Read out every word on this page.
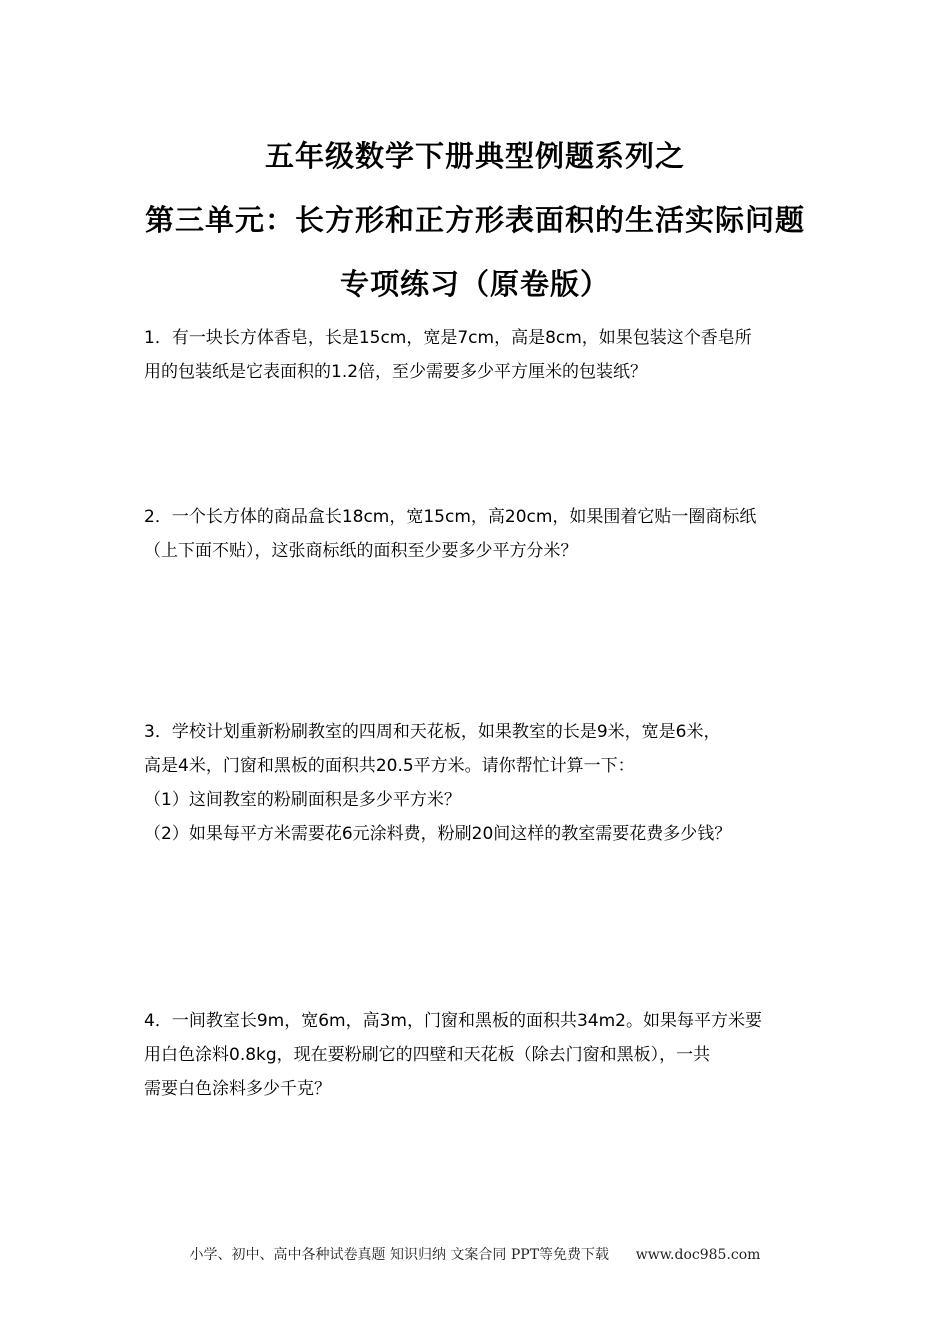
五年级数学下册典型例题系列之
第三单元：长方形和正方形表面积的生活实际问题
专项练习（原卷版）
1．有一块长方体香皂，长是15cm，宽是7cm，高是8cm，如果包装这个香皂所
用的包装纸是它表面积的1.2倍，至少需要多少平方厘米的包装纸？
2．一个长方体的商品盒长18cm，宽15cm，高20cm，如果围着它贴一圈商标纸
（上下面不贴），这张商标纸的面积至少要多少平方分米？
3．学校计划重新粉刷教室的四周和天花板，如果教室的长是9米，宽是6米，
高是4米，门窗和黑板的面积共20.5平方米。请你帮忙计算一下：
（1）这间教室的粉刷面积是多少平方米？
（2）如果每平方米需要花6元涂料费，粉刷20间这样的教室需要花费多少钱？
4．一间教室长9m，宽6m，高3m，门窗和黑板的面积共34m2。如果每平方米要
用白色涂料0.8kg，现在要粉刷它的四壁和天花板（除去门窗和黑板），一共
需要白色涂料多少千克？
小学、初中、高中各种试卷真题 知识归纳 文案合同 PPT等免费下载 www.doc985.com
